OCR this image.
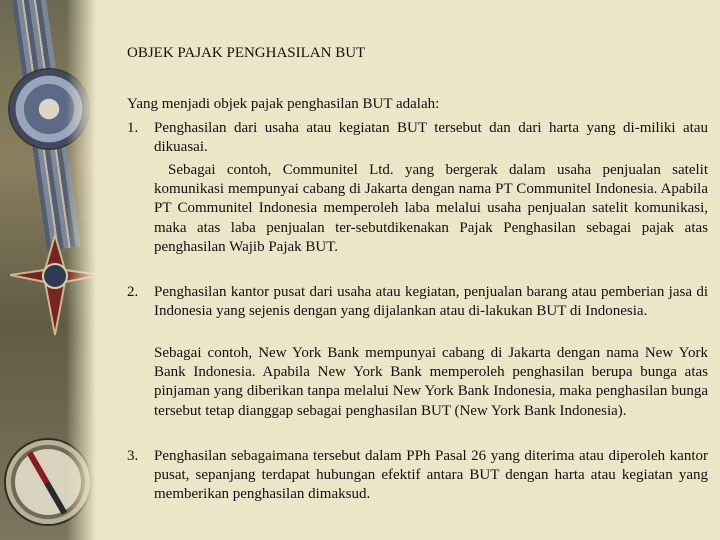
OBJEK PAJAK PENGHASILAN BUT
Yang menjadi objek pajak penghasilan BUT adalah:
1. Penghasilan dari usaha atau kegiatan BUT tersebut dan dari harta yang di-miliki atau dikuasai.

Sebagai contoh, Communitel Ltd. yang bergerak dalam usaha penjualan satelit komunikasi mempunyai cabang di Jakarta dengan nama PT Communitel Indonesia. Apabila PT Communitel Indonesia memperoleh laba melalui usaha penjualan satelit komunikasi, maka atas laba penjualan ter-sebutdikenakan Pajak Penghasilan sebagai pajak atas penghasilan Wajib Pajak BUT.

2. Penghasilan kantor pusat dari usaha atau kegiatan, penjualan barang atau pemberian jasa di Indonesia yang sejenis dengan yang dijalankan atau di-lakukan BUT di Indonesia.

Sebagai contoh, New York Bank mempunyai cabang di Jakarta dengan nama New York Bank Indonesia. Apabila New York Bank memperoleh penghasilan berupa bunga atas pinjaman yang diberikan tanpa melalui New York Bank Indonesia, maka penghasilan bunga tersebut tetap dianggap sebagai penghasilan BUT (New York Bank Indonesia).

3. Penghasilan sebagaimana tersebut dalam PPh Pasal 26 yang diterima atau diperoleh kantor pusat, sepanjang terdapat hubungan efektif antara BUT dengan harta atau kegiatan yang memberikan penghasilan dimaksud.
